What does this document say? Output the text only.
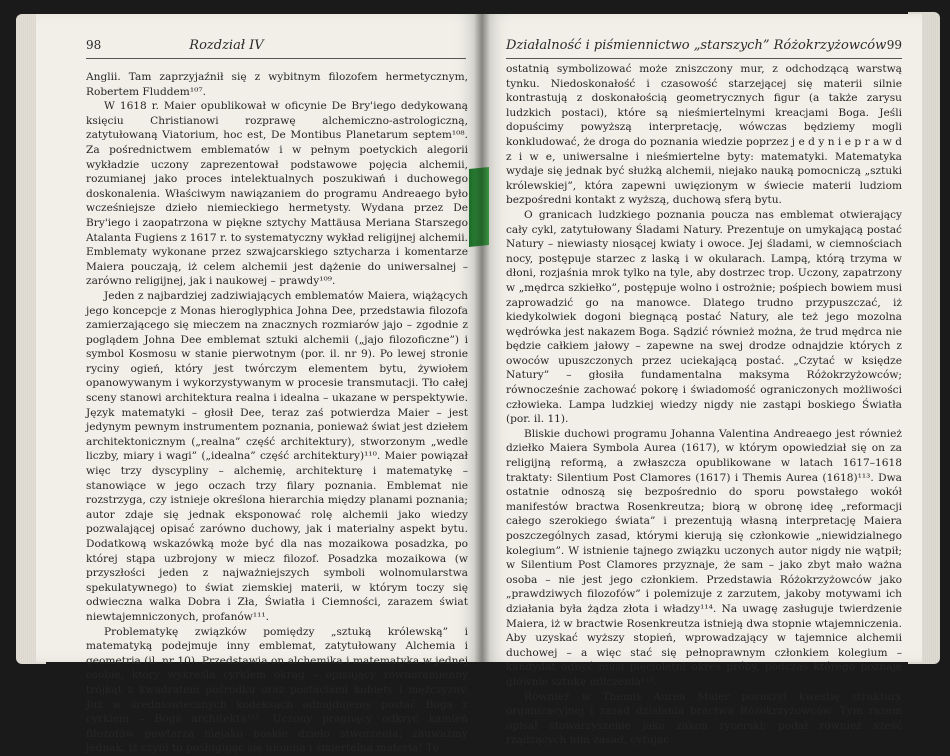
98	Rozdział IV

Anglii. Tam zaprzyjaźnił się z wybitnym filozofem hermetycznym, Robertem Fluddem¹⁰⁷.

W 1618 r. Maier opublikował w oficynie De Bry'iego dedykowaną księciu Christianowi rozprawę alchemiczno-astrologiczną, zatytułowaną Viatorium, hoc est, De Montibus Planetarum septem¹⁰⁸. Za pośrednictwem emblematów i w pełnym poetyckich alegorii wykładzie uczony zaprezentował podstawowe pojęcia alchemii, rozumianej jako proces intelektualnych poszukiwań i duchowego doskonalenia. Właściwym nawiązaniem do programu Andreaego było wcześniejsze dzieło niemieckiego hermetysty. Wydana przez De Bry'iego i zaopatrzona w piękne sztychy Mattäusa Meriana Starszego Atalanta Fugiens z 1617 r. to systematyczny wykład religijnej alchemii. Emblematy wykonane przez szwajcarskiego sztycharza i komentarze Maiera pouczają, iż celem alchemii jest dążenie do uniwersalnej – zarówno religijnej, jak i naukowej – prawdy¹⁰⁹.

Jeden z najbardziej zadziwiających emblematów Maiera, wiążących jego koncepcje z Monas hieroglyphica Johna Dee, przedstawia filozofa zamierzającego się mieczem na znacznych rozmiarów jajo – zgodnie z poglądem Johna Dee emblemat sztuki alchemii („jajo filozoficzne”) i symbol Kosmosu w stanie pierwotnym (por. il. nr 9). Po lewej stronie ryciny ogień, który jest twórczym elementem bytu, żywiołem opanowywanym i wykorzystywanym w procesie transmutacji. Tło całej sceny stanowi architektura realna i idealna – ukazane w perspektywie. Język matematyki – głosił Dee, teraz zaś potwierdza Maier – jest jedynym pewnym instrumentem poznania, ponieważ świat jest dziełem architektonicznym („realna” część architektury), stworzonym „wedle liczby, miary i wagi” („idealna” część architektury)¹¹⁰. Maier powiązał więc trzy dyscypliny – alchemię, architekturę i matematykę – stanowiące w jego oczach trzy filary poznania. Emblemat nie rozstrzyga, czy istnieje określona hierarchia między planami poznania; autor zdaje się jednak eksponować rolę alchemii jako wiedzy pozwalającej opisać zarówno duchowy, jak i materialny aspekt bytu. Dodatkową wskazówką może być dla nas mozaikowa posadzka, po której stąpa uzbrojony w miecz filozof. Posadzka mozaikowa (w przyszłości jeden z najważniejszych symboli wolnomularstwa spekulatywnego) to świat ziemskiej materii, w którym toczy się odwieczna walka Dobra i Zła, Światła i Ciemności, zarazem świat niewtajemniczonych, profanów¹¹¹.

Problematykę związków pomiędzy „sztuką królewską” i matematyką podejmuje inny emblemat, zatytułowany Alchemia i geometria (il. nr 10). Przedstawia on alchemika i matematyka w jednej osobie, który wykreśla cyrklem okrąg – opisujący równoramienny trójkąt z kwadratem pośrodku oraz postaciami kobiety i mężczyzny. Już w średniowiecznych kodeksach odnajdujemy postać Boga z cyrklem – Boga architekta¹¹². Uczony pragnący odkryć kamień filozofów powtarza niejako boskie dzieło stworzenia; zauważmy jednak, iż czyni to posługując się ułomną i śmiertelną materią! Tę

Działalność i piśmiennictwo „starszych” Różokrzyżowców 99

ostatnią symbolizować może zniszczony mur, z odchodzącą warstwą tynku. Niedoskonałość i czasowość starzejącej się materii silnie kontrastują z doskonałością geometrycznych figur (a także zarysu ludzkich postaci), które są nieśmiertelnymi kreacjami Boga. Jeśli dopuścimy powyższą interpretację, wówczas będziemy mogli konkludować, że droga do poznania wiedzie poprzez j e d y n i e p r a w d z i w e, uniwersalne i nieśmiertelne byty: matematyki. Matematyka wydaje się jednak być służką alchemii, niejako nauką pomocniczą „sztuki królewskiej”, która zapewni uwięzionym w świecie materii ludziom bezpośredni kontakt z wyższą, duchową sferą bytu.

O granicach ludzkiego poznania poucza nas emblemat otwierający cały cykl, zatytułowany Śladami Natury. Prezentuje on umykającą postać Natury – niewiasty niosącej kwiaty i owoce. Jej śladami, w ciemnościach nocy, postępuje starzec z laską i w okularach. Lampą, którą trzyma w dłoni, rozjaśnia mrok tylko na tyle, aby dostrzec trop. Uczony, zapatrzony w „mędrca szkiełko”, postępuje wolno i ostrożnie; pośpiech bowiem musi zaprowadzić go na manowce. Dlatego trudno przypuszczać, iż kiedykolwiek dogoni biegnącą postać Natury, ale też jego mozolna wędrówka jest nakazem Boga. Sądzić również można, że trud mędrca nie będzie całkiem jałowy – zapewne na swej drodze odnajdzie których z owoców upuszczonych przez uciekającą postać. „Czytać w księdze Natury” – głosiła fundamentalna maksyma Różokrzyżowców; równocześnie zachować pokorę i świadomość ograniczonych możliwości człowieka. Lampa ludzkiej wiedzy nigdy nie zastąpi boskiego Światła (por. il. 11).

Bliskie duchowi programu Johanna Valentina Andreaego jest również dziełko Maiera Symbola Aurea (1617), w którym opowiedział się on za religijną reformą, a zwłaszcza opublikowane w latach 1617–1618 traktaty: Silentium Post Clamores (1617) i Themis Aurea (1618)¹¹³. Dwa ostatnie odnoszą się bezpośrednio do sporu powstałego wokół manifestów bractwa Rosenkreutza; biorą w obronę ideę „reformacji całego szerokiego świata” i prezentują własną interpretację Maiera poszczególnych zasad, którymi kierują się członkowie „niewidzialnego kolegium”. W istnienie tajnego związku uczonych autor nigdy nie wątpił; w Silentium Post Clamores przyznaje, że sam – jako zbyt mało ważna osoba – nie jest jego członkiem. Przedstawia Różokrzyżowców jako „prawdziwych filozofów” i polemizuje z zarzutem, jakoby motywami ich działania była żądza złota i władzy¹¹⁴. Na uwagę zasługuje twierdzenie Maiera, iż w bractwie Rosenkreutza istnieją dwa stopnie wtajemniczenia. Aby uzyskać wyższy stopień, wprowadzający w tajemnice alchemii duchowej – a więc stać się pełnoprawnym członkiem kolegium – kandydat odbyć musi pięcioletni okres próby, podczas którego poznaje głównie sztukę milczenia¹¹⁵.

Również w Themis Aurea Maier poruszył kwestię struktury organizacyjnej i zasad działania bractwa Różokrzyżowców. Tym razem opisał stowarzyszenie jako zakon rycerski; podał również sześć rządzących nim zasad, cytując
